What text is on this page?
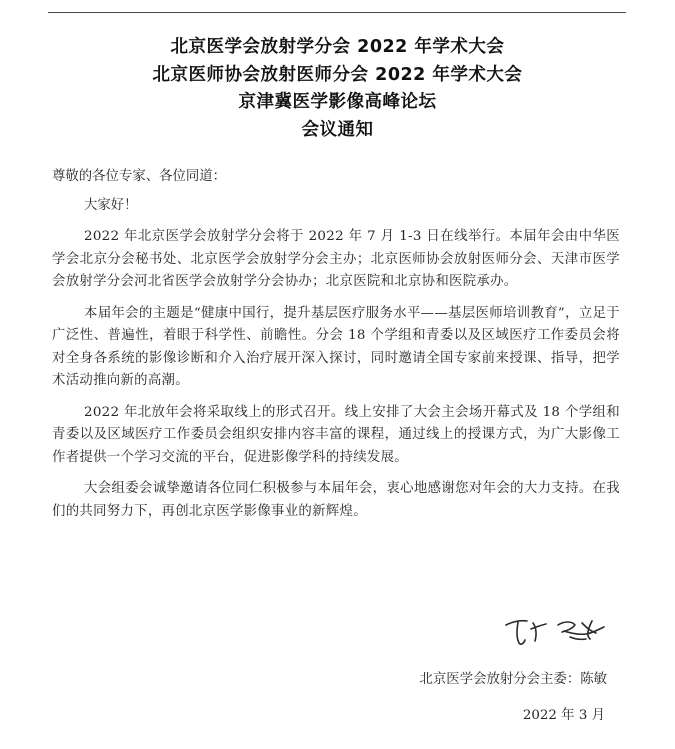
北京医学会放射学分会 2022 年学术大会
北京医师协会放射医师分会 2022 年学术大会
京津冀医学影像高峰论坛
会议通知

尊敬的各位专家、各位同道：

大家好！

2022 年北京医学会放射学分会将于 2022 年 7 月 1-3 日在线举行。本届年会由中华医学会北京分会秘书处、北京医学会放射学分会主办；北京医师协会放射医师分会、天津市医学会放射学分会河北省医学会放射学分会协办；北京医院和北京协和医院承办。

本届年会的主题是“健康中国行，提升基层医疗服务水平——基层医师培训教育”，立足于广泛性、普遍性，着眼于科学性、前瞻性。分会 18 个学组和青委以及区域医疗工作委员会将对全身各系统的影像诊断和介入治疗展开深入探讨，同时邀请全国专家前来授课、指导，把学术活动推向新的高潮。

2022 年北放年会将采取线上的形式召开。线上安排了大会主会场开幕式及 18 个学组和青委以及区域医疗工作委员会组织安排内容丰富的课程，通过线上的授课方式，为广大影像工作者提供一个学习交流的平台，促进影像学科的持续发展。

大会组委会诚挚邀请各位同仁积极参与本届年会，衷心地感谢您对年会的大力支持。在我们的共同努力下，再创北京医学影像事业的新辉煌。

北京医学会放射分会主委：陈敏
2022 年 3 月
